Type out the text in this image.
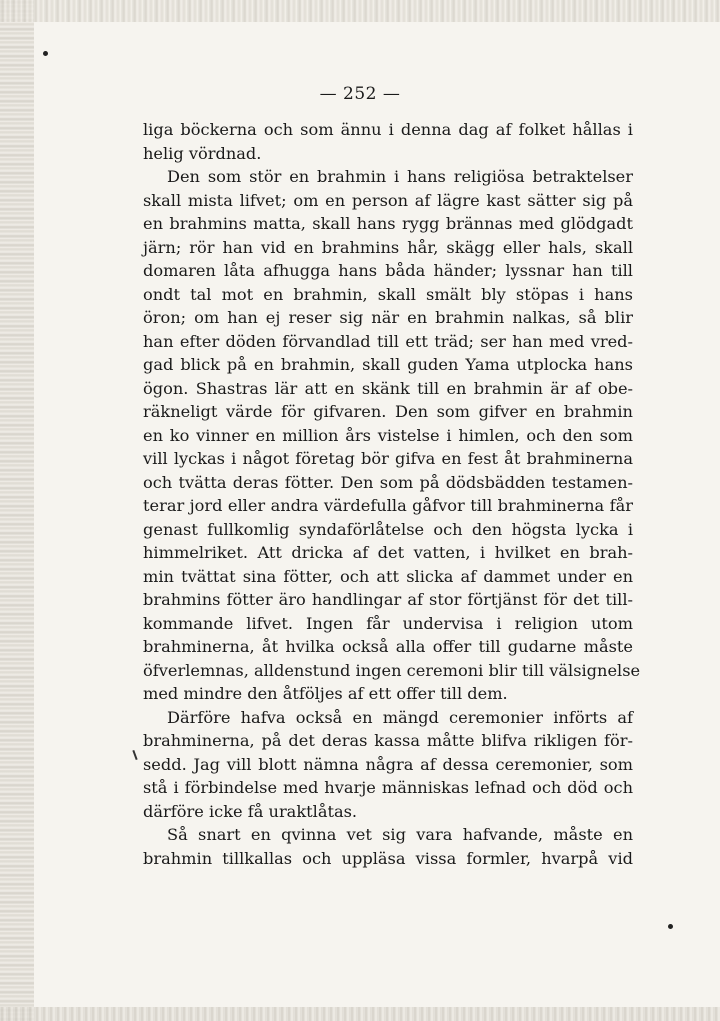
— 252 —
liga böckerna och som ännu i denna dag af folket hållas i
helig vördnad.
Den som stör en brahmin i hans religiösa betraktelser
skall mista lifvet; om en person af lägre kast sätter sig på
en brahmins matta, skall hans rygg brännas med glödgadt
järn; rör han vid en brahmins hår, skägg eller hals, skall
domaren låta afhugga hans båda händer; lyssnar han till
ondt tal mot en brahmin, skall smält bly stöpas i hans
öron; om han ej reser sig när en brahmin nalkas, så blir
han efter döden förvandlad till ett träd; ser han med vred-
gad blick på en brahmin, skall guden Yama utplocka hans
ögon. Shastras lär att en skänk till en brahmin är af obe-
räkneligt värde för gifvaren. Den som gifver en brahmin
en ko vinner en million års vistelse i himlen, och den som
vill lyckas i något företag bör gifva en fest åt brahminerna
och tvätta deras fötter. Den som på dödsbädden testamen-
terar jord eller andra värdefulla gåfvor till brahminerna får
genast fullkomlig syndaförlåtelse och den högsta lycka i
himmelriket. Att dricka af det vatten, i hvilket en brah-
min tvättat sina fötter, och att slicka af dammet under en
brahmins fötter äro handlingar af stor förtjänst för det till-
kommande lifvet. Ingen får undervisa i religion utom
brahminerna, åt hvilka också alla offer till gudarne måste
öfverlemnas, alldenstund ingen ceremoni blir till välsignelse
med mindre den åtföljes af ett offer till dem.
Därföre hafva också en mängd ceremonier införts af
brahminerna, på det deras kassa måtte blifva rikligen för-
sedd. Jag vill blott nämna några af dessa ceremonier, som
stå i förbindelse med hvarje människas lefnad och död och
därföre icke få uraktlåtas.
Så snart en qvinna vet sig vara hafvande, måste en
brahmin tillkallas och uppläsa vissa formler, hvarpå vid
